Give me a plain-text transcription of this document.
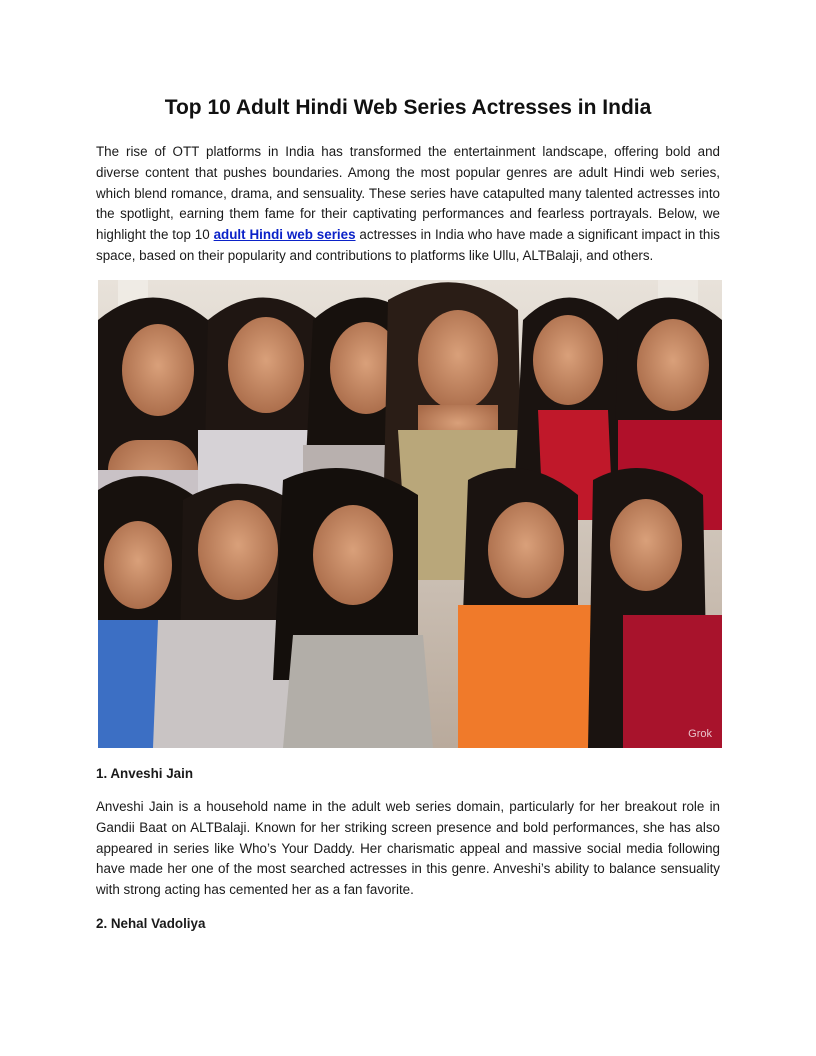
Top 10 Adult Hindi Web Series Actresses in India

The rise of OTT platforms in India has transformed the entertainment landscape, offering bold and diverse content that pushes boundaries. Among the most popular genres are adult Hindi web series, which blend romance, drama, and sensuality. These series have catapulted many talented actresses into the spotlight, earning them fame for their captivating performances and fearless portrayals. Below, we highlight the top 10 adult Hindi web series actresses in India who have made a significant impact in this space, based on their popularity and contributions to platforms like Ullu, ALTBalaji, and others.

Grok
1. Anveshi Jain

Anveshi Jain is a household name in the adult web series domain, particularly for her breakout role in Gandii Baat on ALTBalaji. Known for her striking screen presence and bold performances, she has also appeared in series like Who’s Your Daddy. Her charismatic appeal and massive social media following have made her one of the most searched actresses in this genre. Anveshi’s ability to balance sensuality with strong acting has cemented her as a fan favorite.

2. Nehal Vadoliya
